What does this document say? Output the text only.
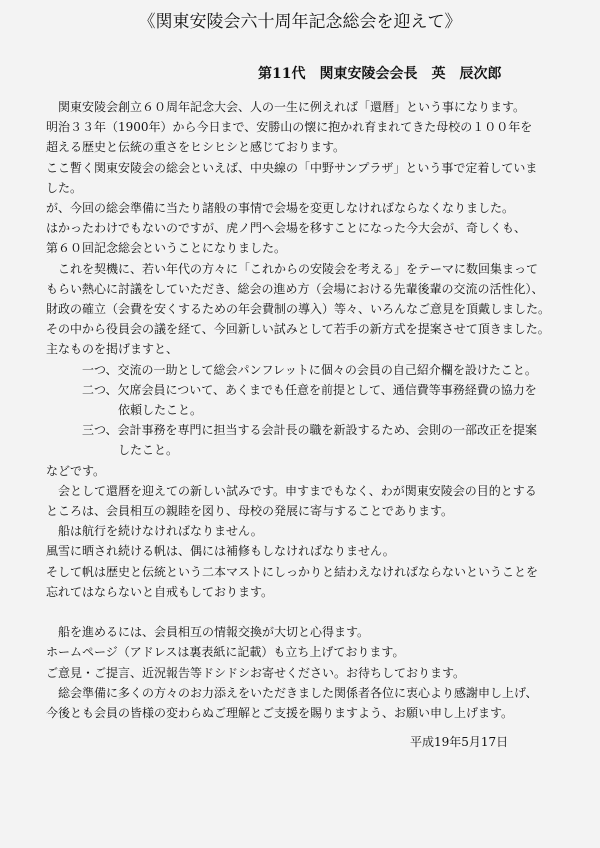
《関東安陵会六十周年記念総会を迎えて》
第11代　関東安陵会会長　英　辰次郎
　関東安陵会創立６０周年記念大会、人の一生に例えれば「還暦」という事になります。
明治３３年（1900年）から今日まで、安勝山の懐に抱かれ育まれてきた母校の１００年を
超える歴史と伝統の重さをヒシヒシと感じております。
ここ暫く関東安陵会の総会といえば、中央線の「中野サンプラザ」という事で定着していま
した。
が、今回の総会準備に当たり諸般の事情で会場を変更しなければならなくなりました。
はかったわけでもないのですが、虎ノ門へ会場を移すことになった今大会が、奇しくも、
第６０回記念総会ということになりました。
　これを契機に、若い年代の方々に「これからの安陵会を考える」をテーマに数回集まって
もらい熱心に討議をしていただき、総会の進め方（会場における先輩後輩の交流の活性化）、
財政の確立（会費を安くするための年会費制の導入）等々、いろんなご意見を頂戴しました。
その中から役員会の議を経て、今回新しい試みとして若手の新方式を提案させて頂きました。
主なものを掲げますと、
　　　一つ、交流の一助として総会パンフレットに個々の会員の自己紹介欄を設けたこと。
　　　二つ、欠席会員について、あくまでも任意を前提として、通信費等事務経費の協力を
　　　　　　依頼したこと。
　　　三つ、会計事務を専門に担当する会計長の職を新設するため、会則の一部改正を提案
　　　　　　したこと。
などです。
　会として還暦を迎えての新しい試みです。申すまでもなく、わが関東安陵会の目的とする
ところは、会員相互の親睦を図り、母校の発展に寄与することであります。
　船は航行を続けなければなりません。
風雪に晒され続ける帆は、偶には補修もしなければなりません。
そして帆は歴史と伝統という二本マストにしっかりと結わえなければならないということを
忘れてはならないと自戒もしております。
　船を進めるには、会員相互の情報交換が大切と心得ます。
ホームページ（アドレスは裏表紙に記載）も立ち上げております。
ご意見・ご提言、近況報告等ドシドシお寄せください。お待ちしております。
　総会準備に多くの方々のお力添えをいただきました関係者各位に衷心より感謝申し上げ、
今後とも会員の皆様の変わらぬご理解とご支援を賜りますよう、お願い申し上げます。
平成19年5月17日
